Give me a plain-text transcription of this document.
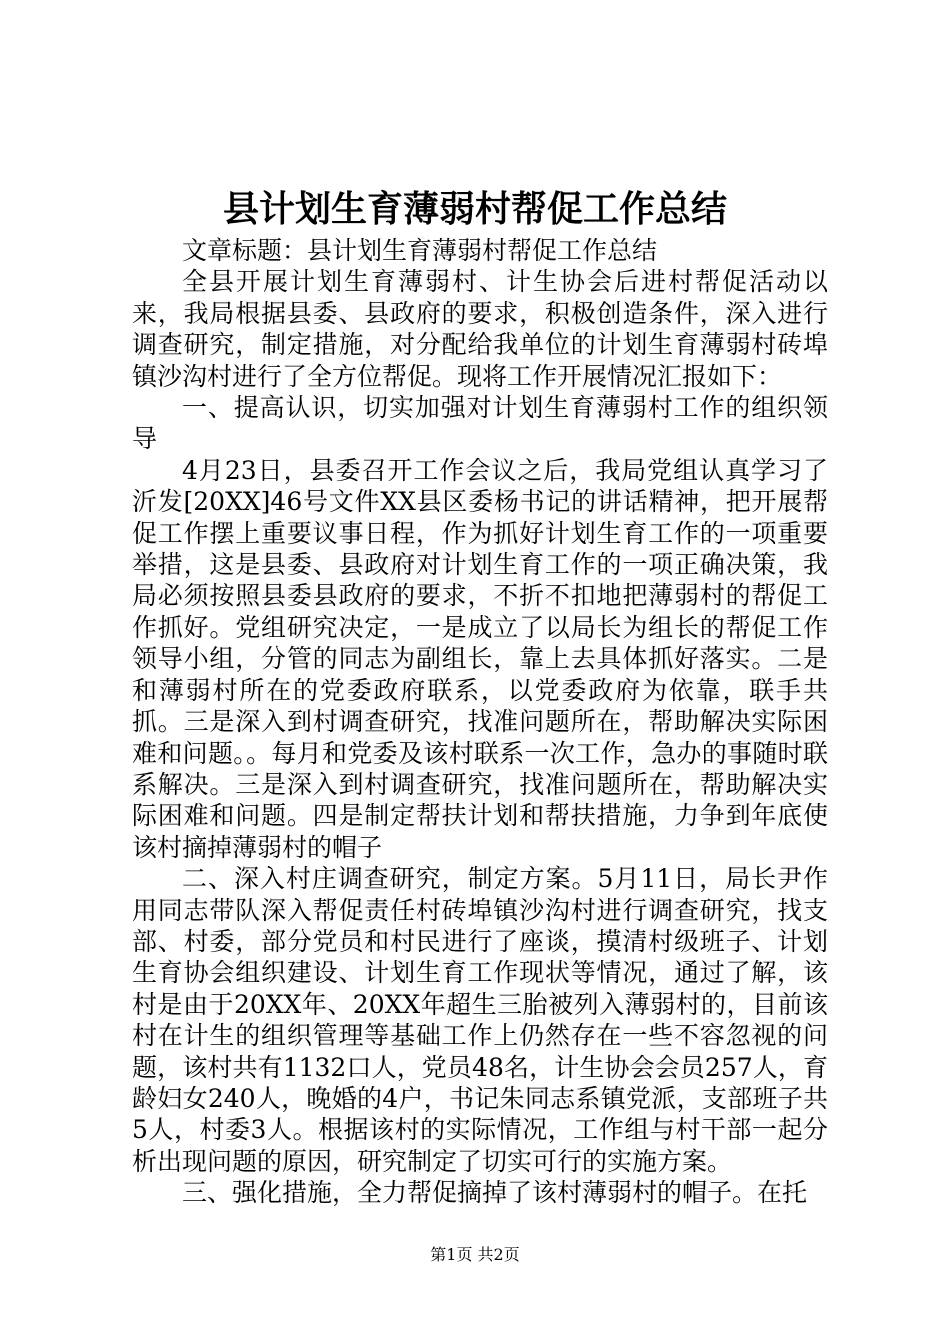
县计划生育薄弱村帮促工作总结

文章标题：县计划生育薄弱村帮促工作总结

全县开展计划生育薄弱村、计生协会后进村帮促活动以来，我局根据县委、县政府的要求，积极创造条件，深入进行调查研究，制定措施，对分配给我单位的计划生育薄弱村砖埠镇沙沟村进行了全方位帮促。现将工作开展情况汇报如下：

一、提高认识，切实加强对计划生育薄弱村工作的组织领导

4月23日，县委召开工作会议之后，我局党组认真学习了沂发[20XX]46号文件XX县区委杨书记的讲话精神，把开展帮促工作摆上重要议事日程，作为抓好计划生育工作的一项重要举措，这是县委、县政府对计划生育工作的一项正确决策，我局必须按照县委县政府的要求，不折不扣地把薄弱村的帮促工作抓好。党组研究决定，一是成立了以局长为组长的帮促工作领导小组，分管的同志为副组长，靠上去具体抓好落实。二是和薄弱村所在的党委政府联系，以党委政府为依靠，联手共抓。三是深入到村调查研究，找准问题所在，帮助解决实际困难和问题。。每月和党委及该村联系一次工作，急办的事随时联系解决。三是深入到村调查研究，找准问题所在，帮助解决实际困难和问题。四是制定帮扶计划和帮扶措施，力争到年底使该村摘掉薄弱村的帽子

二、深入村庄调查研究，制定方案。5月11日，局长尹作用同志带队深入帮促责任村砖埠镇沙沟村进行调查研究，找支部、村委，部分党员和村民进行了座谈，摸清村级班子、计划生育协会组织建设、计划生育工作现状等情况，通过了解，该村是由于20XX年、20XX年超生三胎被列入薄弱村的，目前该村在计生的组织管理等基础工作上仍然存在一些不容忽视的问题，该村共有1132口人，党员48名，计生协会会员257人，育龄妇女240人，晚婚的4户，书记朱同志系镇党派，支部班子共5人，村委3人。根据该村的实际情况，工作组与村干部一起分析出现问题的原因，研究制定了切实可行的实施方案。

三、强化措施，全力帮促摘掉了该村薄弱村的帽子。在托

第1页 共2页
